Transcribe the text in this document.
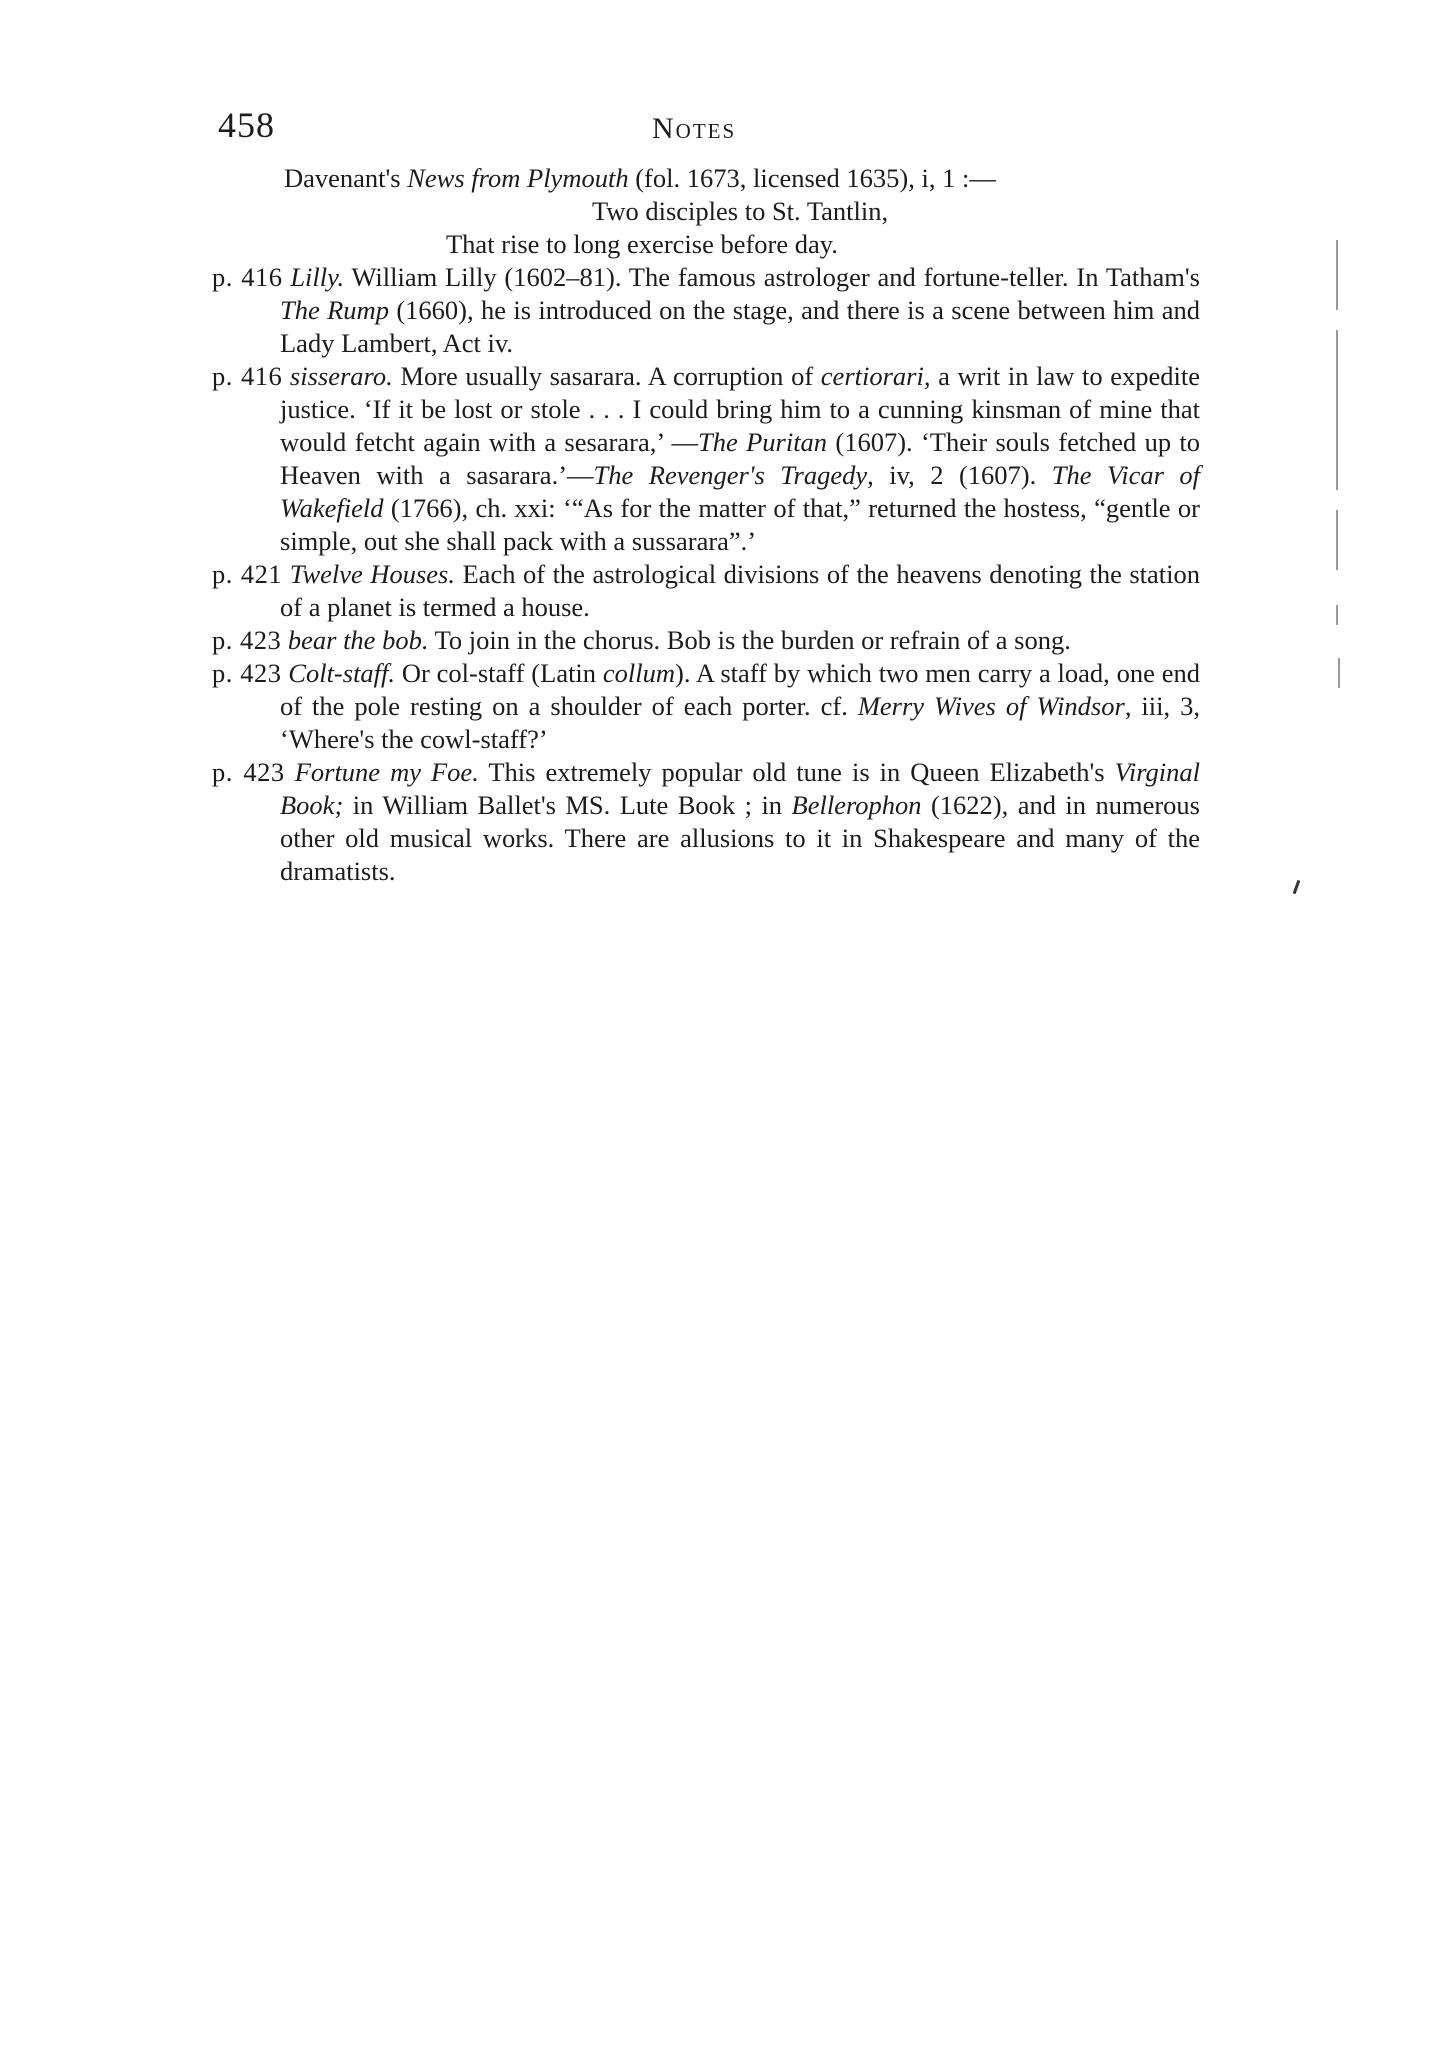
458	Notes

Davenant's News from Plymouth (fol. 1673, licensed 1635), i, 1 :—

Two disciples to St. Tantlin,

That rise to long exercise before day.

p. 416 Lilly. William Lilly (1602–81). The famous astrologer and fortune-teller. In Tatham's The Rump (1660), he is introduced on the stage, and there is a scene between him and Lady Lambert, Act iv.

p. 416 sisseraro. More usually sasarara. A corruption of certiorari, a writ in law to expedite justice. ‘If it be lost or stole . . . I could bring him to a cunning kinsman of mine that would fetcht again with a sesarara,’ —The Puritan (1607). ‘Their souls fetched up to Heaven with a sasarara.’—The Revenger's Tragedy, iv, 2 (1607). The Vicar of Wakefield (1766), ch. xxi: ‘“As for the matter of that,” returned the hostess, “gentle or simple, out she shall pack with a sussarara”.’

p. 421 Twelve Houses. Each of the astrological divisions of the heavens denoting the station of a planet is termed a house.

p. 423 bear the bob. To join in the chorus. Bob is the burden or refrain of a song.

p. 423 Colt-staff. Or col-staff (Latin collum). A staff by which two men carry a load, one end of the pole resting on a shoulder of each porter. cf. Merry Wives of Windsor, iii, 3, ‘Where's the cowl-staff?’

p. 423 Fortune my Foe. This extremely popular old tune is in Queen Elizabeth's Virginal Book; in William Ballet's MS. Lute Book ; in Bellerophon (1622), and in numerous other old musical works. There are allusions to it in Shakespeare and many of the dramatists.
